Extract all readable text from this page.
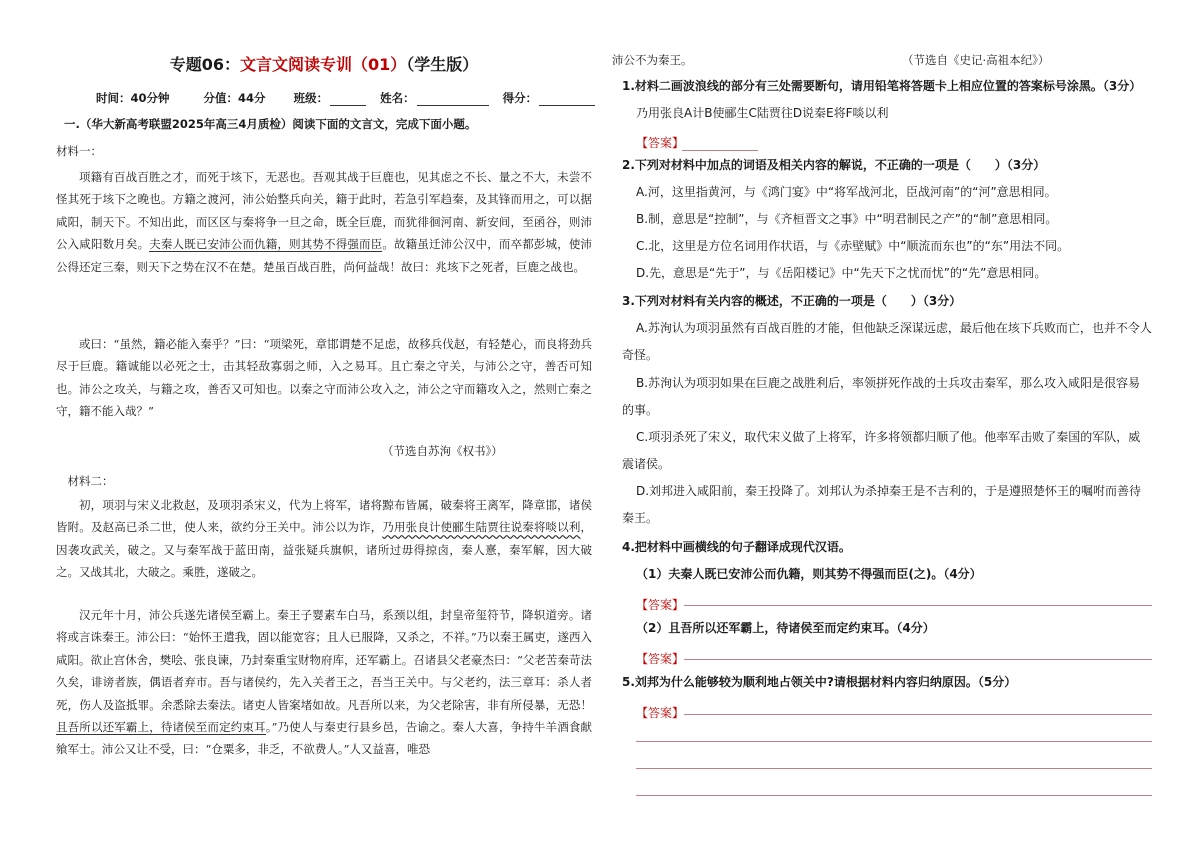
专题06：文言文阅读专训（01）（学生版）
时间：40分钟	分值：44分 班级：	姓名：	得分：
一.（华大新高考联盟2025年高三4月质检）阅读下面的文言文，完成下面小题。
材料一：
项籍有百战百胜之才，而死于垓下，无恶也。吾观其战于巨鹿也，见其虑之不长、量之不大，未尝不怪其死于垓下之晚也。方籍之渡河，沛公始整兵向关，籍于此时，若急引军趋秦，及其锋而用之，可以据咸阳，制天下。不知出此，而区区与秦将争一旦之命，既全巨鹿，而犹徘徊河南、新安间，至函谷，则沛公入咸阳数月矣。夫秦人既已安沛公而仇籍，则其势不得强而臣。故籍虽迁沛公汉中，而卒都彭城，使沛公得还定三秦，则天下之势在汉不在楚。楚虽百战百胜，尚何益哉！故曰：兆垓下之死者，巨鹿之战也。
或曰：“虽然，籍必能入秦乎？”曰：“项梁死，章邯谓楚不足虑，故移兵伐赵，有轻楚心，而良将劲兵尽于巨鹿。籍诚能以必死之士，击其轻敌寡弱之师，入之易耳。且亡秦之守关，与沛公之守，善否可知也。沛公之攻关，与籍之攻，善否又可知也。以秦之守而沛公攻入之，沛公之守而籍攻入之，然则亡秦之守，籍不能入哉？”
（节选自苏洵《权书》）
材料二：
初，项羽与宋义北救赵，及项羽杀宋义，代为上将军，诸将黥布皆属，破秦将王离军，降章邯，诸侯皆附。及赵高已杀二世，使人来，欲约分王关中。沛公以为诈，乃用张良计使郦生陆贾往说秦将啖以利，因袭攻武关，破之。又与秦军战于蓝田南，益张疑兵旗帜，诸所过毋得掠卤，秦人憙，秦军解，因大破之。又战其北，大破之。乘胜，遂破之。
汉元年十月，沛公兵遂先诸侯至霸上。秦王子婴素车白马，系颈以组，封皇帝玺符节，降轵道旁。诸将或言诛秦王。沛公曰：“始怀王遣我，固以能宽容；且人已服降，又杀之，不祥。”乃以秦王属吏，遂西入咸阳。欲止宫休舍，樊哙、张良谏，乃封秦重宝财物府库，还军霸上。召诸县父老豪杰曰：“父老苦秦苛法久矣，诽谤者族，偶语者弃市。吾与诸侯约，先入关者王之，吾当王关中。与父老约，法三章耳：杀人者死，伤人及盗抵罪。余悉除去秦法。诸吏人皆案堵如故。凡吾所以来，为父老除害，非有所侵暴，无恐！且吾所以还军霸上，待诸侯至而定约束耳。”乃使人与秦吏行县乡邑，告谕之。秦人大喜，争持牛羊酒食献飨军士。沛公又让不受，曰：“仓粟多，非乏，不欲费人。”人又益喜，唯恐
沛公不为秦王。	（节选自《史记·高祖本纪》）
1.材料二画波浪线的部分有三处需要断句，请用铅笔将答题卡上相应位置的答案标号涂黑。（3分）
乃用张良A计B使郦生C陆贾往D说秦E将F啖以利
【答案】
2.下列对材料中加点的词语及相关内容的解说，不正确的一项是（　　）（3分）
A.河，这里指黄河，与《鸿门宴》中“将军战河北，臣战河南”的“河”意思相同。
B.制，意思是“控制”，与《齐桓晋文之事》中“明君制民之产”的“制”意思相同。
C.北，这里是方位名词用作状语，与《赤壁赋》中“顺流而东也”的“东”用法不同。
D.先，意思是“先于”，与《岳阳楼记》中“先天下之忧而忧”的“先”意思相同。
3.下列对材料有关内容的概述，不正确的一项是（　　）（3分）
A.苏洵认为项羽虽然有百战百胜的才能，但他缺乏深谋远虑，最后他在垓下兵败而亡，也并不令人奇怪。
B.苏洵认为项羽如果在巨鹿之战胜利后，率领拼死作战的士兵攻击秦军，那么攻入咸阳是很容易的事。
C.项羽杀死了宋义，取代宋义做了上将军，许多将领都归顺了他。他率军击败了秦国的军队，威震诸侯。
D.刘邦进入咸阳前，秦王投降了。刘邦认为杀掉秦王是不吉利的，于是遵照楚怀王的嘱咐而善待秦王。
4.把材料中画横线的句子翻译成现代汉语。
（1）夫秦人既已安沛公而仇籍，则其势不得强而臣(之)。（4分）
【答案】
（2）且吾所以还军霸上，待诸侯至而定约束耳。（4分）
【答案】
5.刘邦为什么能够较为顺利地占领关中?请根据材料内容归纳原因。（5分）
【答案】
